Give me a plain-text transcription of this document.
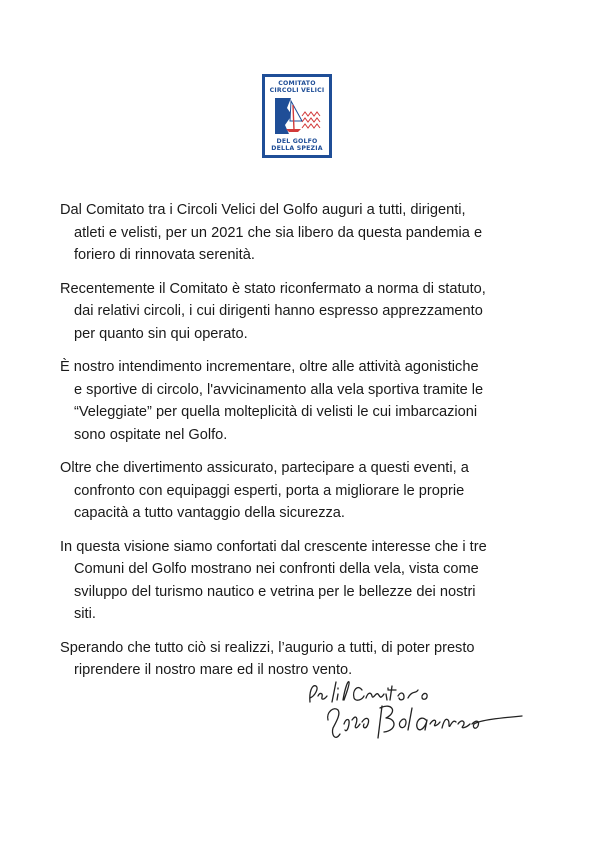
COMITATO
CIRCOLI VELICI
DEL GOLFO
DELLA SPEZIA

Dal Comitato tra i Circoli Velici del Golfo auguri a tutti, dirigenti,
atleti e velisti, per un 2021 che sia libero da questa pandemia e
foriero di rinnovata serenità.

Recentemente il Comitato è stato riconfermato a norma di statuto,
dai relativi circoli, i cui dirigenti hanno espresso apprezzamento
per quanto sin qui operato.

È nostro intendimento incrementare, oltre alle attività agonistiche
e sportive di circolo, l'avvicinamento alla vela sportiva tramite le
“Veleggiate” per quella molteplicità di velisti le cui imbarcazioni
sono ospitate nel Golfo.

Oltre che divertimento assicurato, partecipare a questi eventi, a
confronto con equipaggi esperti, porta a migliorare le proprie
capacità a tutto vantaggio della sicurezza.

In questa visione siamo confortati dal crescente interesse che i tre
Comuni del Golfo mostrano nei confronti della vela, vista come
sviluppo del turismo nautico e vetrina per le bellezze dei nostri
siti.

Sperando che tutto ciò si realizzi, l’augurio a tutti, di poter presto
riprendere il nostro mare ed il nostro vento.
